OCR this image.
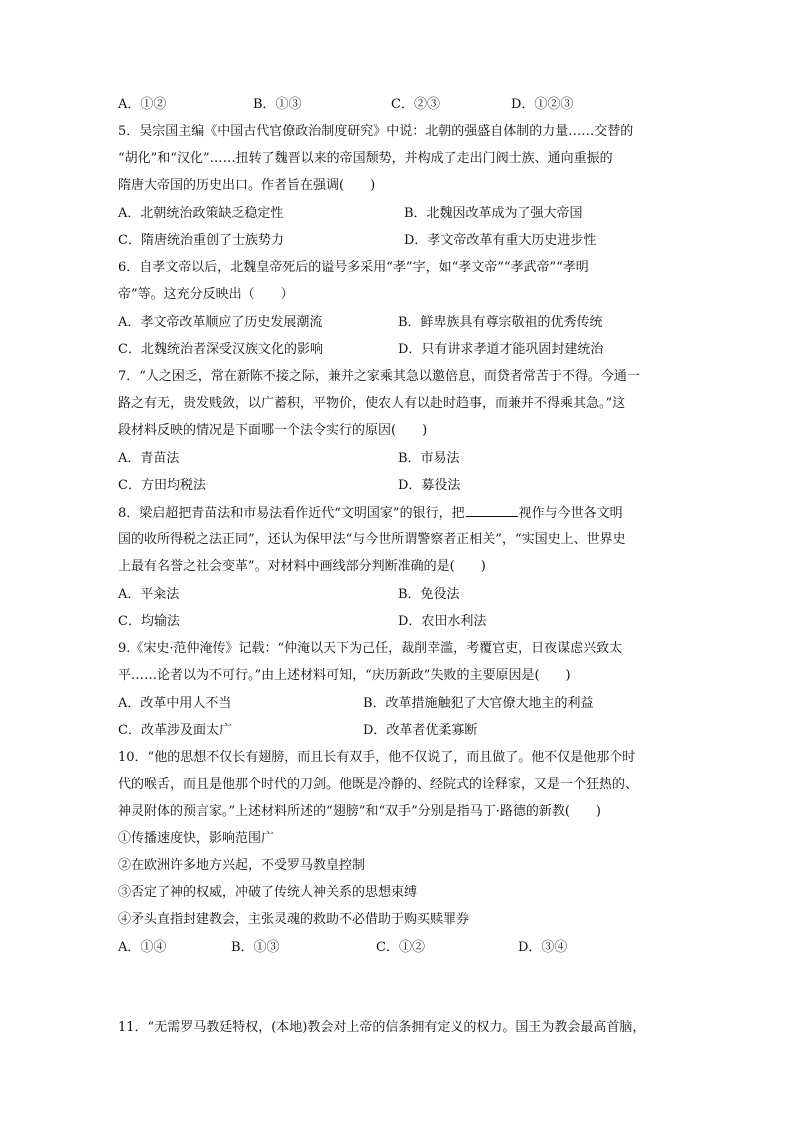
A．①②	B．①③	C．②③	D．①②③
5．吴宗国主编《中国古代官僚政治制度研究》中说：北朝的强盛自体制的力量……交替的
“胡化”和“汉化”……扭转了魏晋以来的帝国颓势，并构成了走出门阀士族、通向重振的
隋唐大帝国的历史出口。作者旨在强调(　　)
A．北朝统治政策缺乏稳定性	B．北魏因改革成为了强大帝国
C．隋唐统治重创了士族势力	D．孝文帝改革有重大历史进步性
6．自孝文帝以后，北魏皇帝死后的谥号多采用“孝”字，如“孝文帝”“孝武帝”“孝明
帝”等。这充分反映出（　　）
A．孝文帝改革顺应了历史发展潮流	B．鲜卑族具有尊宗敬祖的优秀传统
C．北魏统治者深受汉族文化的影响	D．只有讲求孝道才能巩固封建统治
7．“人之困乏，常在新陈不接之际，兼并之家乘其急以邀倍息，而贷者常苦于不得。今通一
路之有无，贵发贱敛，以广蓄积，平物价，使农人有以赴时趋事，而兼并不得乘其急。”这
段材料反映的情况是下面哪一个法令实行的原因(　　)
A．青苗法	B．市易法
C．方田均税法	D．募役法
8．梁启超把青苗法和市易法看作近代“文明国家”的银行，把	视作与今世各文明
国的收所得税之法正同”，还认为保甲法“与今世所谓警察者正相关”，“实国史上、世界史
上最有名誉之社会变革”。对材料中画线部分判断准确的是(　　)
A．平籴法	B．免役法
C．均输法	D．农田水利法
9.《宋史·范仲淹传》记载：“仲淹以天下为己任，裁削幸滥，考覆官吏，日夜谋虑兴致太
平……论者以为不可行。”由上述材料可知，“庆历新政”失败的主要原因是(　　)
A．改革中用人不当	B．改革措施触犯了大官僚大地主的利益
C．改革涉及面太广	D．改革者优柔寡断
10．“他的思想不仅长有翅膀，而且长有双手，他不仅说了，而且做了。他不仅是他那个时
代的喉舌，而且是他那个时代的刀剑。他既是冷静的、经院式的诠释家，又是一个狂热的、
神灵附体的预言家。”上述材料所述的“翅膀”和“双手”分别是指马丁·路德的新教(　　)
①传播速度快，影响范围广
②在欧洲许多地方兴起，不受罗马教皇控制
③否定了神的权威，冲破了传统人神关系的思想束缚
④矛头直指封建教会，主张灵魂的救助不必借助于购买赎罪券
A．①④	B．①③	C．①②	D．③④
11．“无需罗马教廷特权，(本地)教会对上帝的信条拥有定义的权力。国王为教会最高首脑，
